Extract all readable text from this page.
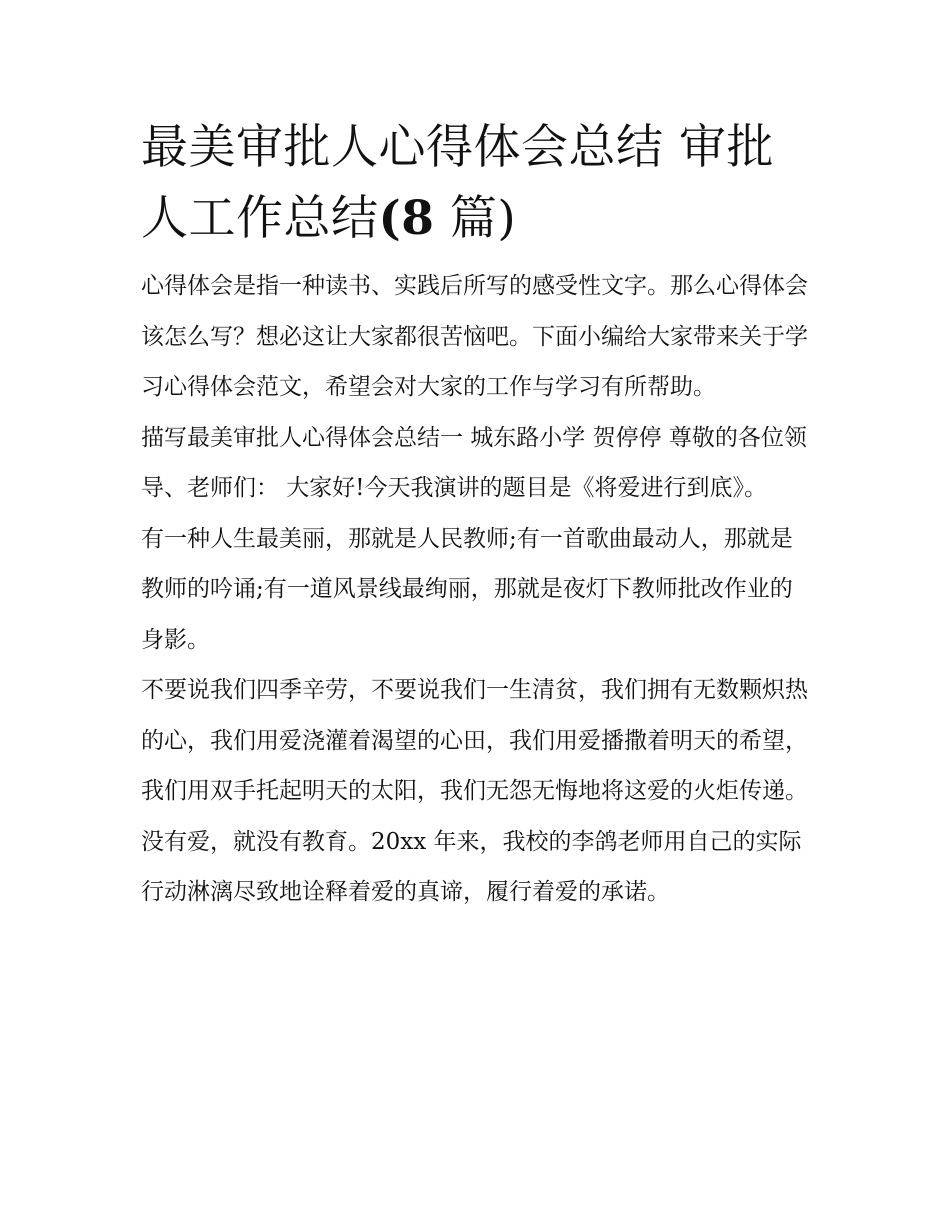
最美审批人心得体会总结 审批人工作总结(8 篇)

心得体会是指一种读书、实践后所写的感受性文字。那么心得体会该怎么写？想必这让大家都很苦恼吧。下面小编给大家带来关于学习心得体会范文，希望会对大家的工作与学习有所帮助。

描写最美审批人心得体会总结一 城东路小学 贺停停 尊敬的各位领导、老师们： 大家好!今天我演讲的题目是《将爱进行到底》。

有一种人生最美丽，那就是人民教师;有一首歌曲最动人，那就是教师的吟诵;有一道风景线最绚丽，那就是夜灯下教师批改作业的身影。

不要说我们四季辛劳，不要说我们一生清贫，我们拥有无数颗炽热的心，我们用爱浇灌着渴望的心田，我们用爱播撒着明天的希望，我们用双手托起明天的太阳，我们无怨无悔地将这爱的火炬传递。

没有爱，就没有教育。20xx 年来，我校的李鸽老师用自己的实际行动淋漓尽致地诠释着爱的真谛，履行着爱的承诺。
